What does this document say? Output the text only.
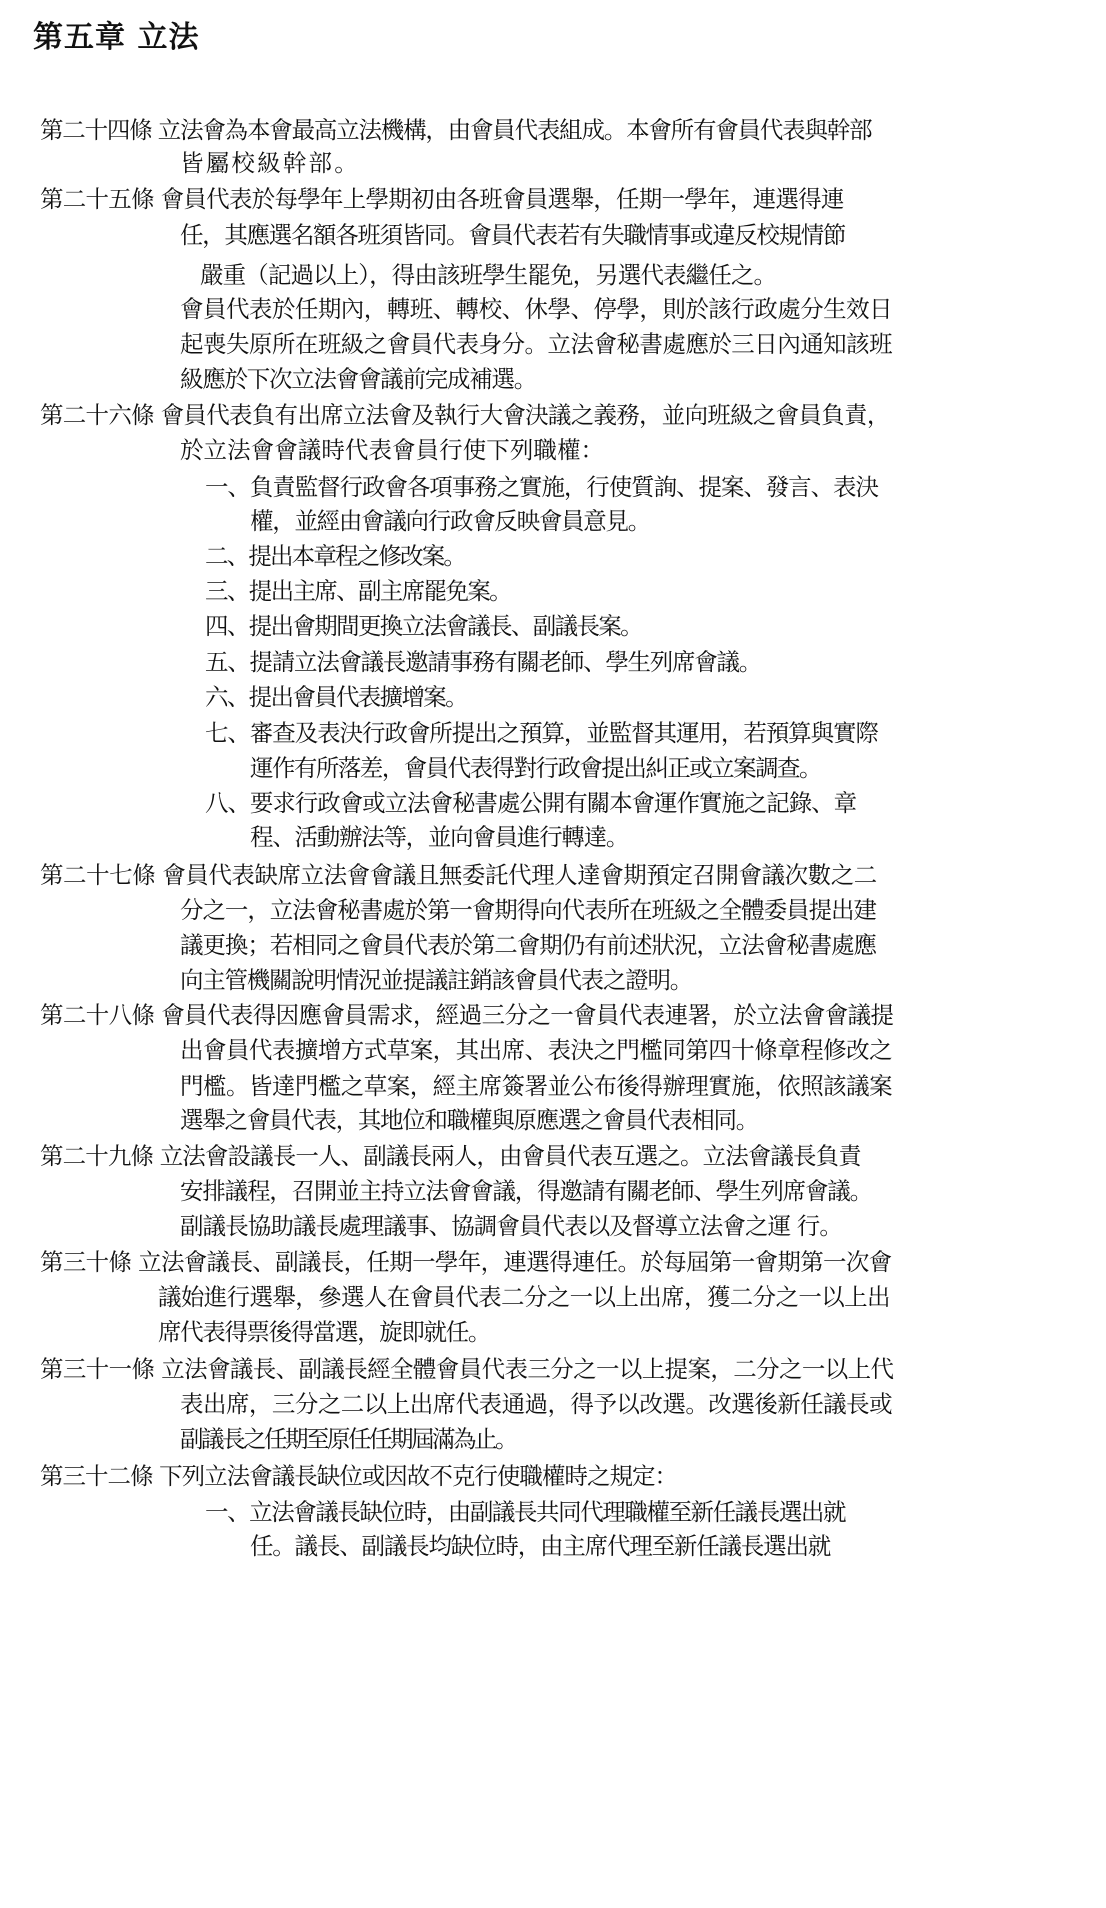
第五章 立法
第二十四條 立法會為本會最高立法機構，由會員代表組成。本會所有會員代表與幹部
皆屬校級幹部。
第二十五條 會員代表於每學年上學期初由各班會員選舉，任期一學年，連選得連
任，其應選名額各班須皆同。會員代表若有失職情事或違反校規情節
嚴重（記過以上），得由該班學生罷免，另選代表繼任之。
會員代表於任期內，轉班、轉校、休學、停學，則於該行政處分生效日
起喪失原所在班級之會員代表身分。立法會秘書處應於三日內通知該班
級應於下次立法會會議前完成補選。
第二十六條 會員代表負有出席立法會及執行大會決議之義務，並向班級之會員負責，
於立法會會議時代表會員行使下列職權：
一、負責監督行政會各項事務之實施，行使質詢、提案、發言、表決
權，並經由會議向行政會反映會員意見。
二、提出本章程之修改案。
三、提出主席、副主席罷免案。
四、提出會期間更換立法會議長、副議長案。
五、提請立法會議長邀請事務有關老師、學生列席會議。
六、提出會員代表擴增案。
七、審查及表決行政會所提出之預算，並監督其運用，若預算與實際
運作有所落差，會員代表得對行政會提出糾正或立案調查。
八、要求行政會或立法會秘書處公開有關本會運作實施之記錄、章
程、活動辦法等，並向會員進行轉達。
第二十七條 會員代表缺席立法會會議且無委託代理人達會期預定召開會議次數之二
分之一，立法會秘書處於第一會期得向代表所在班級之全體委員提出建
議更換；若相同之會員代表於第二會期仍有前述狀況，立法會秘書處應
向主管機關說明情況並提議註銷該會員代表之證明。
第二十八條 會員代表得因應會員需求，經過三分之一會員代表連署，於立法會會議提
出會員代表擴增方式草案，其出席、表決之門檻同第四十條章程修改之
門檻。皆達門檻之草案，經主席簽署並公布後得辦理實施，依照該議案
選舉之會員代表，其地位和職權與原應選之會員代表相同。
第二十九條 立法會設議長一人、副議長兩人，由會員代表互選之。立法會議長負責
安排議程，召開並主持立法會會議，得邀請有關老師、學生列席會議。
副議長協助議長處理議事、協調會員代表以及督導立法會之運 行。
第三十條 立法會議長、副議長，任期一學年，連選得連任。於每屆第一會期第一次會
議始進行選舉，參選人在會員代表二分之一以上出席，獲二分之一以上出
席代表得票後得當選，旋即就任。
第三十一條 立法會議長、副議長經全體會員代表三分之一以上提案，二分之一以上代
表出席，三分之二以上出席代表通過，得予以改選。改選後新任議長或
副議長之任期至原任任期屆滿為止。
第三十二條 下列立法會議長缺位或因故不克行使職權時之規定：
一、立法會議長缺位時，由副議長共同代理職權至新任議長選出就
任。議長、副議長均缺位時，由主席代理至新任議長選出就
